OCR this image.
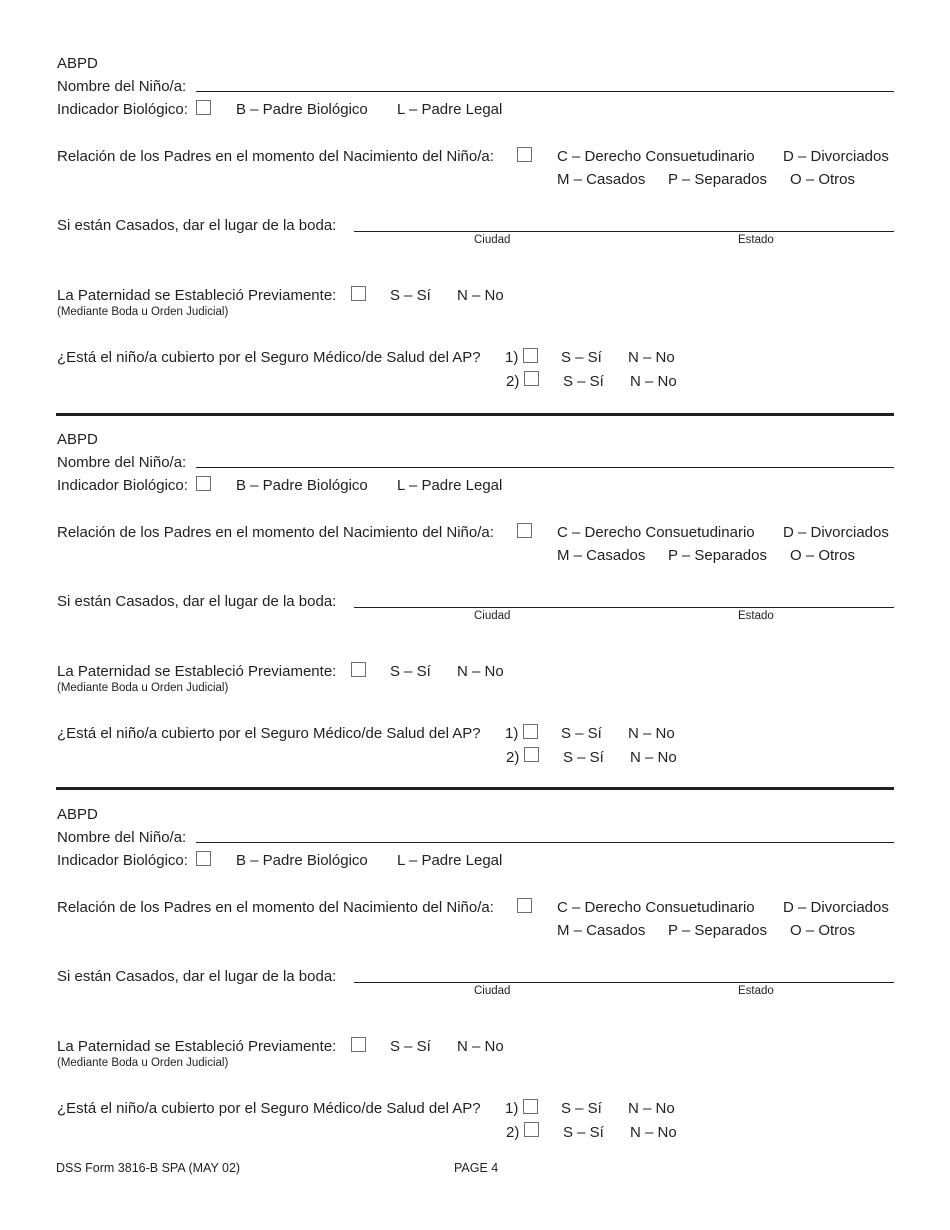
ABPD
Nombre del Niño/a:
Indicador Biológico:	B – Padre Biológico L – Padre Legal
Relación de los Padres en el momento del Nacimiento del Niño/a:	C – Derecho Consuetudinario D – Divorciados
M – Casados P – Separados O – Otros
Si están Casados, dar el lugar de la boda:
Ciudad	Estado
La Paternidad se Estableció Previamente:	S – Sí N – No
(Mediante Boda u Orden Judicial)
¿Está el niño/a cubierto por el Seguro Médico/de Salud del AP? 1)	S – Sí N – No
2)	S – Sí N – No
ABPD
Nombre del Niño/a:
Indicador Biológico:	B – Padre Biológico L – Padre Legal
Relación de los Padres en el momento del Nacimiento del Niño/a:	C – Derecho Consuetudinario D – Divorciados
M – Casados P – Separados O – Otros
Si están Casados, dar el lugar de la boda:
Ciudad	Estado
La Paternidad se Estableció Previamente:	S – Sí N – No
(Mediante Boda u Orden Judicial)
¿Está el niño/a cubierto por el Seguro Médico/de Salud del AP? 1)	S – Sí N – No
2)	S – Sí N – No
ABPD
Nombre del Niño/a:
Indicador Biológico:	B – Padre Biológico L – Padre Legal
Relación de los Padres en el momento del Nacimiento del Niño/a:	C – Derecho Consuetudinario D – Divorciados
M – Casados P – Separados O – Otros
Si están Casados, dar el lugar de la boda:
Ciudad	Estado
La Paternidad se Estableció Previamente:	S – Sí N – No
(Mediante Boda u Orden Judicial)
¿Está el niño/a cubierto por el Seguro Médico/de Salud del AP? 1)	S – Sí N – No
2)	S – Sí N – No
DSS Form 3816-B SPA (MAY 02)	PAGE 4
